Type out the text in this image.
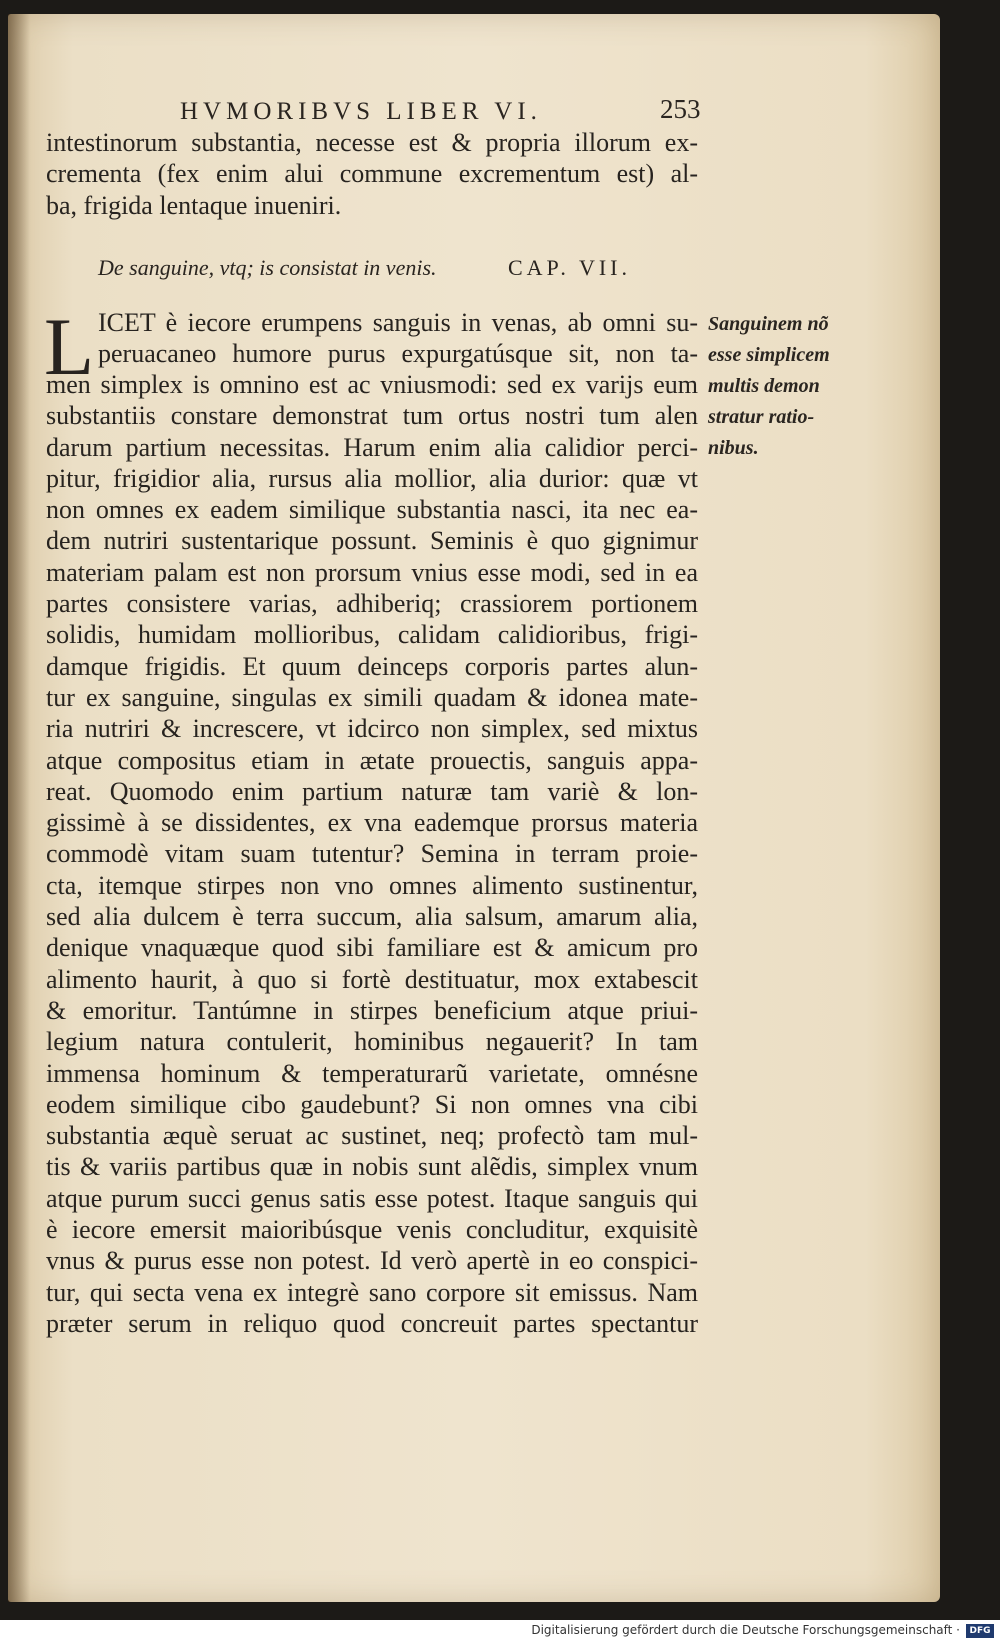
HVMORIBVS LIBER VI.	253
intestinorum substantia, necesse est & propria illorum ex-
crementa (fex enim alui commune excrementum est) al-
ba, frigida lentaque inueniri.
De sanguine, vtq; is consistat in venis.	CAP. VII.
L ICET è iecore erumpens sanguis in venas, ab omni su-
peruacaneo humore purus expurgatúsque sit, non ta-
men simplex is omnino est ac vniusmodi: sed ex varijs eum
substantiis constare demonstrat tum ortus nostri tum alen
darum partium necessitas. Harum enim alia calidior perci-
pitur, frigidior alia, rursus alia mollior, alia durior: quæ vt
non omnes ex eadem similique substantia nasci, ita nec ea-
dem nutriri sustentarique possunt. Seminis è quo gignimur
materiam palam est non prorsum vnius esse modi, sed in ea
partes consistere varias, adhiberiq; crassiorem portionem
solidis, humidam mollioribus, calidam calidioribus, frigi-
damque frigidis. Et quum deinceps corporis partes alun-
tur ex sanguine, singulas ex simili quadam & idonea mate-
ria nutriri & increscere, vt idcirco non simplex, sed mixtus
atque compositus etiam in ætate prouectis, sanguis appa-
reat. Quomodo enim partium naturæ tam variè & lon-
gissimè à se dissidentes, ex vna eademque prorsus materia
commodè vitam suam tutentur? Semina in terram proie-
cta, itemque stirpes non vno omnes alimento sustinentur,
sed alia dulcem è terra succum, alia salsum, amarum alia,
denique vnaquæque quod sibi familiare est & amicum pro
alimento haurit, à quo si fortè destituatur, mox extabescit
& emoritur. Tantúmne in stirpes beneficium atque priui-
legium natura contulerit, hominibus negauerit? In tam
immensa hominum & temperaturarũ varietate, omnésne
eodem similique cibo gaudebunt? Si non omnes vna cibi
substantia æquè seruat ac sustinet, neq; profectò tam mul-
tis & variis partibus quæ in nobis sunt alẽdis, simplex vnum
atque purum succi genus satis esse potest. Itaque sanguis qui
è iecore emersit maioribúsque venis concluditur, exquisitè
vnus & purus esse non potest. Id verò apertè in eo conspici-
tur, qui secta vena ex integrè sano corpore sit emissus. Nam
præter serum in reliquo quod concreuit partes spectantur
Sanguinem nõ
esse simplicem
multis demon
stratur ratio-
nibus.
Digitalisierung gefördert durch die Deutsche Forschungsgemeinschaft ·	DFG
